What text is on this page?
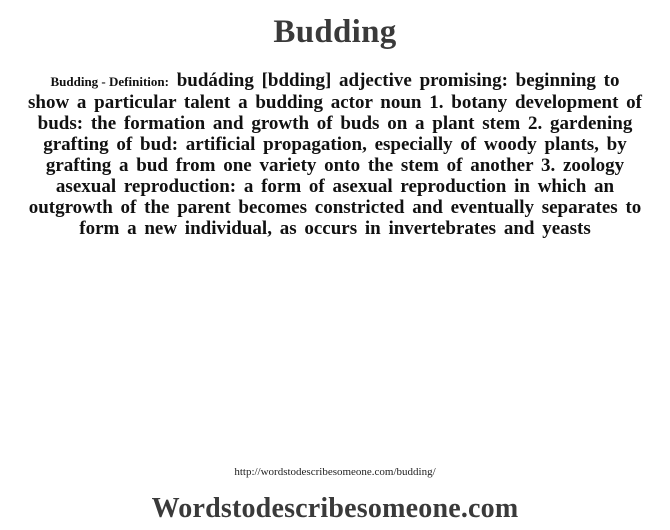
Budding
Budding - Definition: budáding [bdding] adjective promising: beginning to show a particular talent a budding actor noun 1. botany development of buds: the formation and growth of buds on a plant stem 2. gardening grafting of bud: artificial propagation, especially of woody plants, by grafting a bud from one variety onto the stem of another 3. zoology asexual reproduction: a form of asexual reproduction in which an outgrowth of the parent becomes constricted and eventually separates to form a new individual, as occurs in invertebrates and yeasts
http://wordstodescribesomeone.com/budding/
Wordstodescribesomeone.com
